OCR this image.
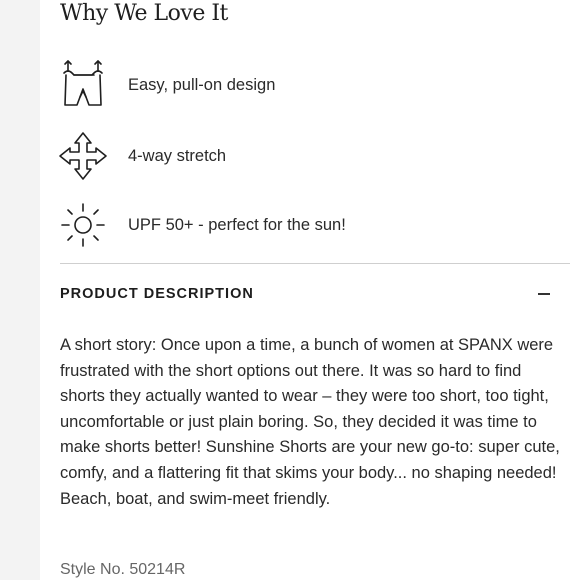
Why We Love It
Easy, pull-on design
4-way stretch
UPF 50+ - perfect for the sun!
PRODUCT DESCRIPTION
A short story: Once upon a time, a bunch of women at SPANX were frustrated with the short options out there. It was so hard to find shorts they actually wanted to wear – they were too short, too tight, uncomfortable or just plain boring. So, they decided it was time to make shorts better! Sunshine Shorts are your new go-to: super cute, comfy, and a flattering fit that skims your body... no shaping needed! Beach, boat, and swim-meet friendly.
Style No. 50214R
